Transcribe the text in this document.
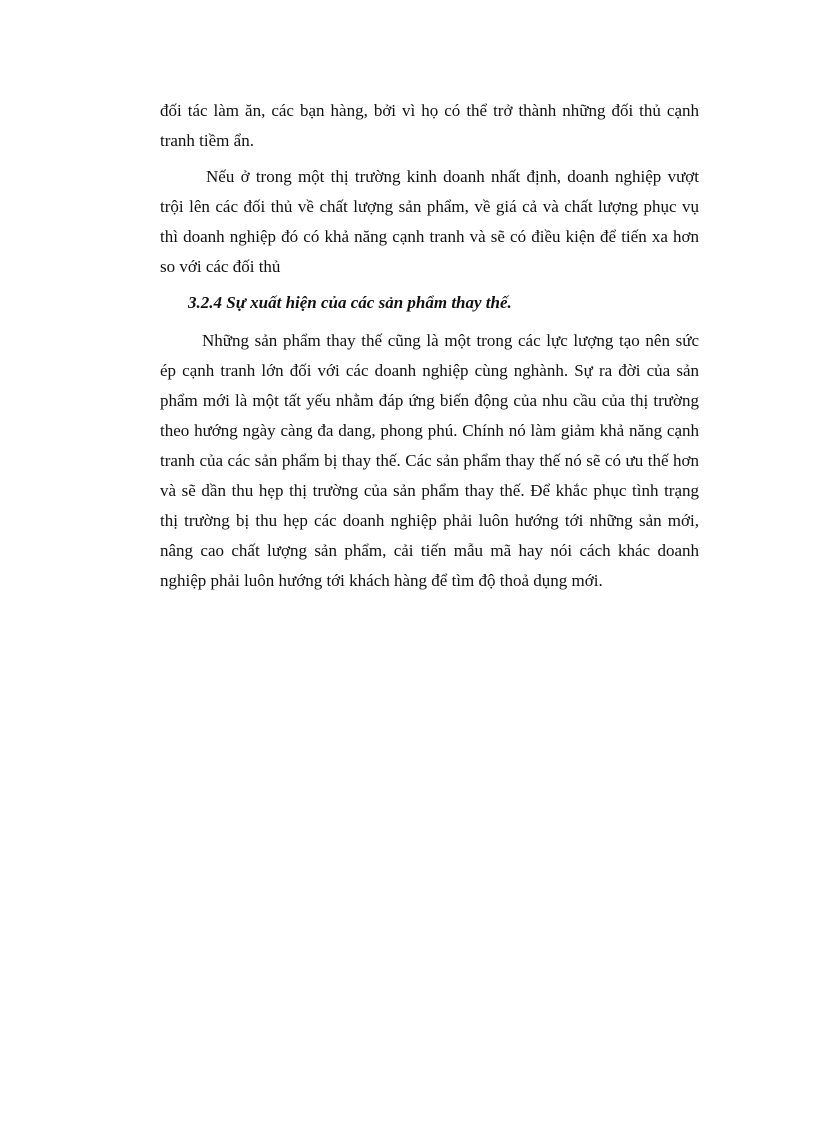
đối tác làm ăn, các bạn hàng, bởi vì họ có thể trở thành những đối thủ cạnh tranh tiềm ẩn.

Nếu ở trong một thị trường kinh doanh nhất định, doanh nghiệp vượt trội lên các đối thủ về chất lượng sản phẩm, về giá cả và chất lượng phục vụ thì doanh nghiệp đó có khả năng cạnh tranh và sẽ có điều kiện để tiến xa hơn so với các đối thủ

3.2.4 Sự xuất hiện của các sản phẩm thay thế.

Những sản phẩm thay thế cũng là một trong các lực lượng tạo nên sức ép cạnh tranh lớn đối với các doanh nghiệp cùng nghành. Sự ra đời của sản phẩm mới là một tất yếu nhằm đáp ứng biến động của nhu cầu của thị trường theo hướng ngày càng đa dang, phong phú. Chính nó làm giảm khả năng cạnh tranh của các sản phẩm bị thay thế. Các sản phẩm thay thế nó sẽ có ưu thế hơn và sẽ dần thu hẹp thị trường của sản phẩm thay thế. Để khắc phục tình trạng thị trường bị thu hẹp các doanh nghiệp phải luôn hướng tới những sản mới, nâng cao chất lượng sản phẩm, cải tiến mẫu mã hay nói cách khác doanh nghiệp phải luôn hướng tới khách hàng để tìm độ thoả dụng mới.
